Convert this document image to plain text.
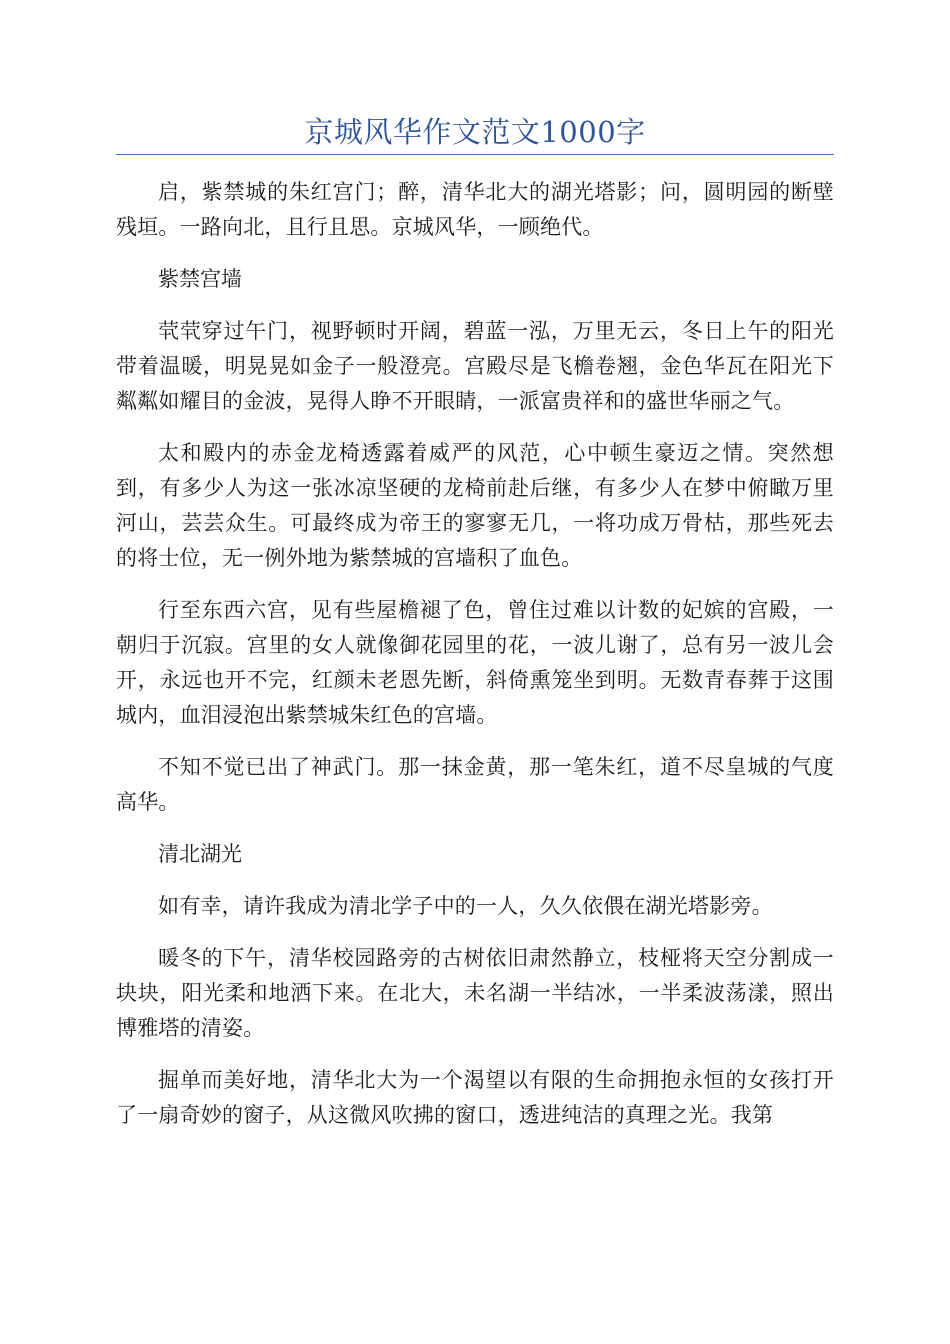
京城风华作文范文1000字

启，紫禁城的朱红宫门；醉，清华北大的湖光塔影；问，圆明园的断壁残垣。一路向北，且行且思。京城风华，一顾绝代。

紫禁宫墙

茕茕穿过午门，视野顿时开阔，碧蓝一泓，万里无云，冬日上午的阳光带着温暖，明晃晃如金子一般澄亮。宫殿尽是飞檐卷翘，金色华瓦在阳光下粼粼如耀目的金波，晃得人睁不开眼睛，一派富贵祥和的盛世华丽之气。

太和殿内的赤金龙椅透露着威严的风范，心中顿生豪迈之情。突然想到，有多少人为这一张冰凉坚硬的龙椅前赴后继，有多少人在梦中俯瞰万里河山，芸芸众生。可最终成为帝王的寥寥无几，一将功成万骨枯，那些死去的将士位，无一例外地为紫禁城的宫墙积了血色。

行至东西六宫，见有些屋檐褪了色，曾住过难以计数的妃嫔的宫殿，一朝归于沉寂。宫里的女人就像御花园里的花，一波儿谢了，总有另一波儿会开，永远也开不完，红颜未老恩先断，斜倚熏笼坐到明。无数青春葬于这围城内，血泪浸泡出紫禁城朱红色的宫墙。

不知不觉已出了神武门。那一抹金黄，那一笔朱红，道不尽皇城的气度高华。

清北湖光

如有幸，请许我成为清北学子中的一人，久久依偎在湖光塔影旁。

暖冬的下午，清华校园路旁的古树依旧肃然静立，枝桠将天空分割成一块块，阳光柔和地洒下来。在北大，未名湖一半结冰，一半柔波荡漾，照出博雅塔的清姿。

掘单而美好地，清华北大为一个渴望以有限的生命拥抱永恒的女孩打开了一扇奇妙的窗子，从这微风吹拂的窗口，透进纯洁的真理之光。我第
